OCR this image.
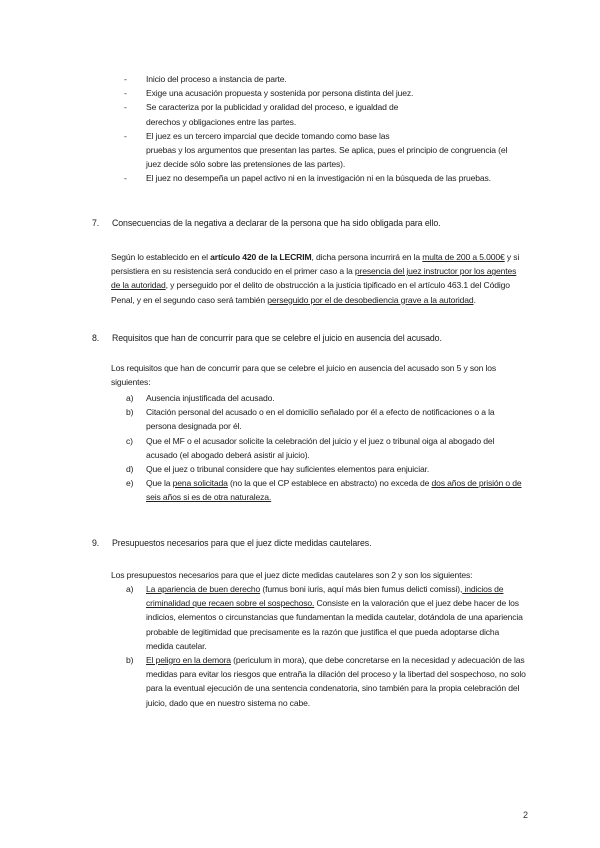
- Inicio del proceso a instancia de parte.
- Exige una acusación propuesta y sostenida por persona distinta del juez.
- Se caracteriza por la publicidad y oralidad del proceso, e igualdad de
derechos y obligaciones entre las partes.
- El juez es un tercero imparcial que decide tomando como base las
pruebas y los argumentos que presentan las partes. Se aplica, pues el principio de congruencia (el juez decide sólo sobre las pretensiones de las partes).
- El juez no desempeña un papel activo ni en la investigación ni en la búsqueda de las pruebas.
7. Consecuencias de la negativa a declarar de la persona que ha sido obligada para ello.
Según lo establecido en el artículo 420 de la LECRIM, dicha persona incurrirá en la multa de 200 a 5.000€ y si persistiera en su resistencia será conducido en el primer caso a la presencia del juez instructor por los agentes de la autoridad, y perseguido por el delito de obstrucción a la justicia tipificado en el artículo 463.1 del Código Penal, y en el segundo caso será también perseguido por el de desobediencia grave a la autoridad.
8. Requisitos que han de concurrir para que se celebre el juicio en ausencia del acusado.
Los requisitos que han de concurrir para que se celebre el juicio en ausencia del acusado son 5 y son los siguientes:
a) Ausencia injustificada del acusado.
b) Citación personal del acusado o en el domicilio señalado por él a efecto de notificaciones o a la persona designada por él.
c) Que el MF o el acusador solicite la celebración del juicio y el juez o tribunal oiga al abogado del acusado (el abogado deberá asistir al juicio).
d) Que el juez o tribunal considere que hay suficientes elementos para enjuiciar.
e) Que la pena solicitada (no la que el CP establece en abstracto) no exceda de dos años de prisión o de seis años si es de otra naturaleza.
9. Presupuestos necesarios para que el juez dicte medidas cautelares.
Los presupuestos necesarios para que el juez dicte medidas cautelares son 2 y son los siguientes:
a) La apariencia de buen derecho (fumus boni iuris, aquí más bien fumus delicti comissi), indicios de criminalidad que recaen sobre el sospechoso. Consiste en la valoración que el juez debe hacer de los indicios, elementos o circunstancias que fundamentan la medida cautelar, dotándola de una apariencia probable de legitimidad que precisamente es la razón que justifica el que pueda adoptarse dicha medida cautelar.
b) El peligro en la demora (periculum in mora), que debe concretarse en la necesidad y adecuación de las medidas para evitar los riesgos que entraña la dilación del proceso y la libertad del sospechoso, no solo para la eventual ejecución de una sentencia condenatoria, sino también para la propia celebración del juicio, dado que en nuestro sistema no cabe.
2
